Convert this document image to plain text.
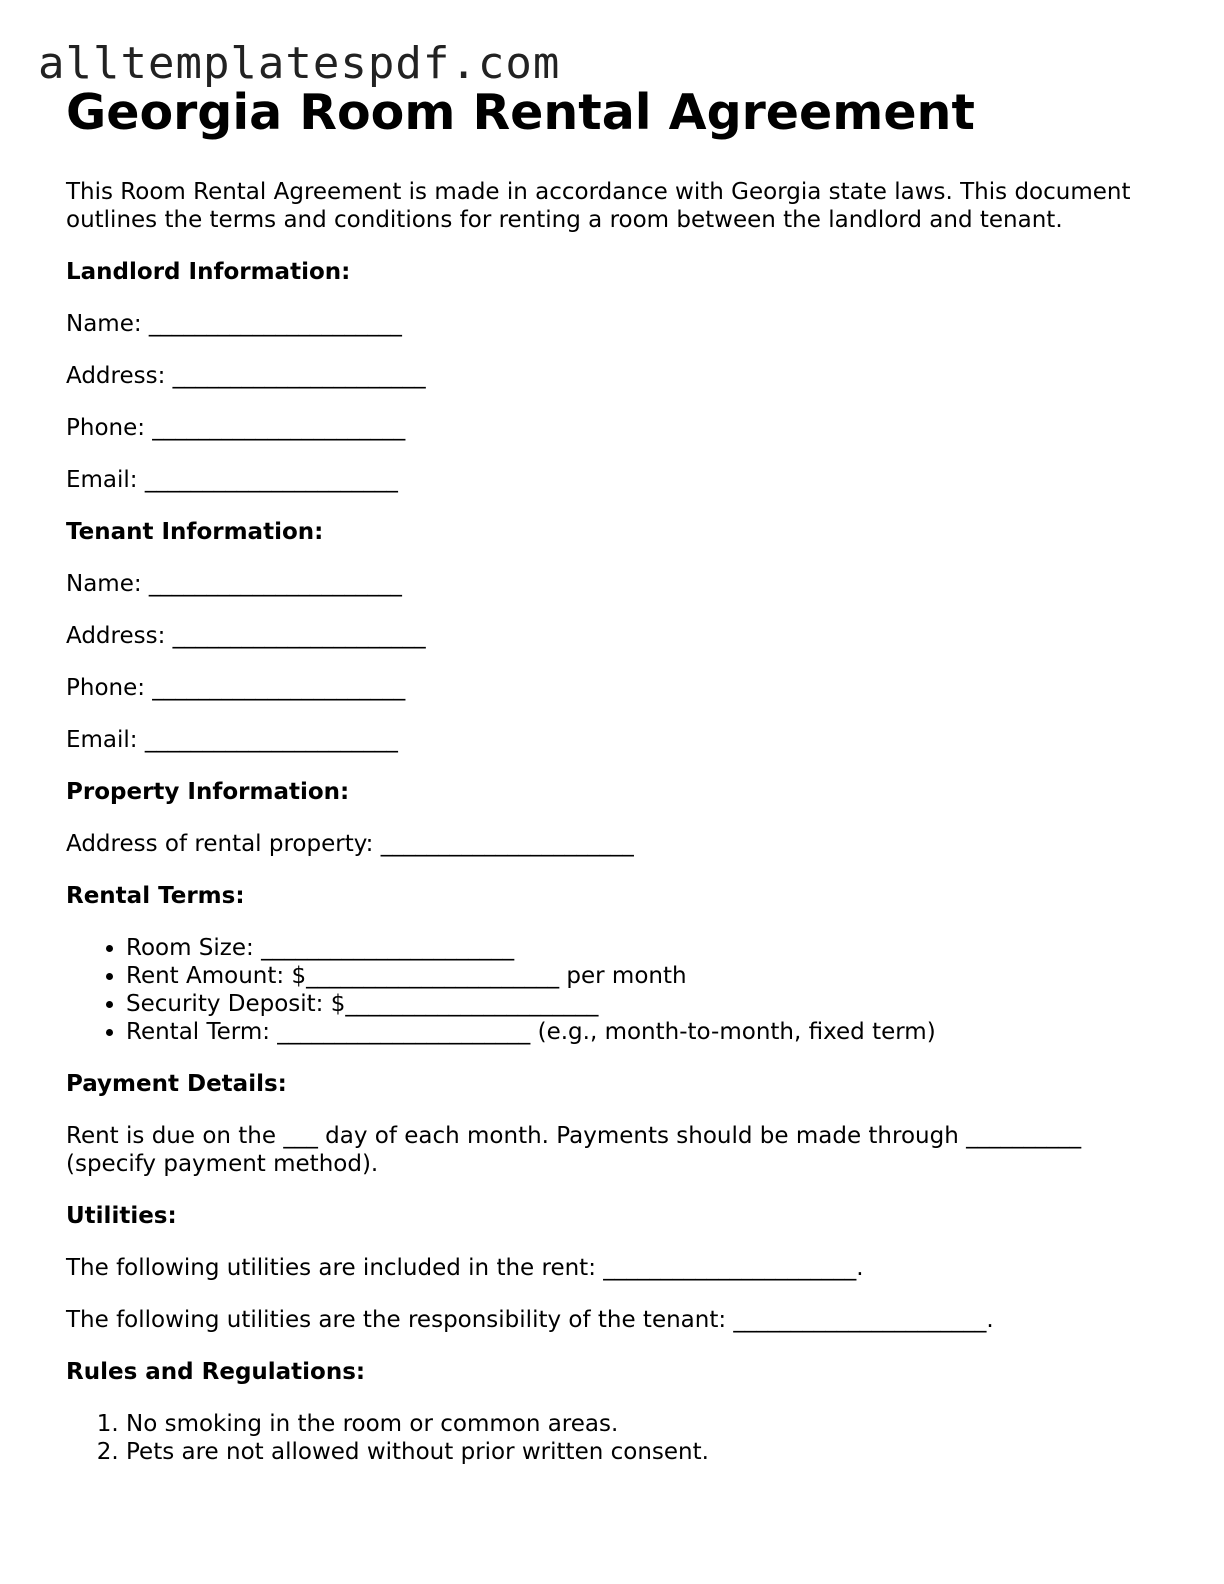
alltemplatespdf.com
Georgia Room Rental Agreement

This Room Rental Agreement is made in accordance with Georgia state laws. This document outlines the terms and conditions for renting a room between the landlord and tenant.

Landlord Information:

Name: ______________________

Address: ______________________

Phone: ______________________

Email: ______________________

Tenant Information:

Name: ______________________

Address: ______________________

Phone: ______________________

Email: ______________________

Property Information:

Address of rental property: ______________________

Rental Terms:

• Room Size: ______________________
• Rent Amount: $______________________ per month
• Security Deposit: $______________________
• Rental Term: ______________________ (e.g., month-to-month, fixed term)

Payment Details:

Rent is due on the ___ day of each month. Payments should be made through __________ (specify payment method).

Utilities:

The following utilities are included in the rent: ______________________.

The following utilities are the responsibility of the tenant: ______________________.

Rules and Regulations:

1. No smoking in the room or common areas.
2. Pets are not allowed without prior written consent.
